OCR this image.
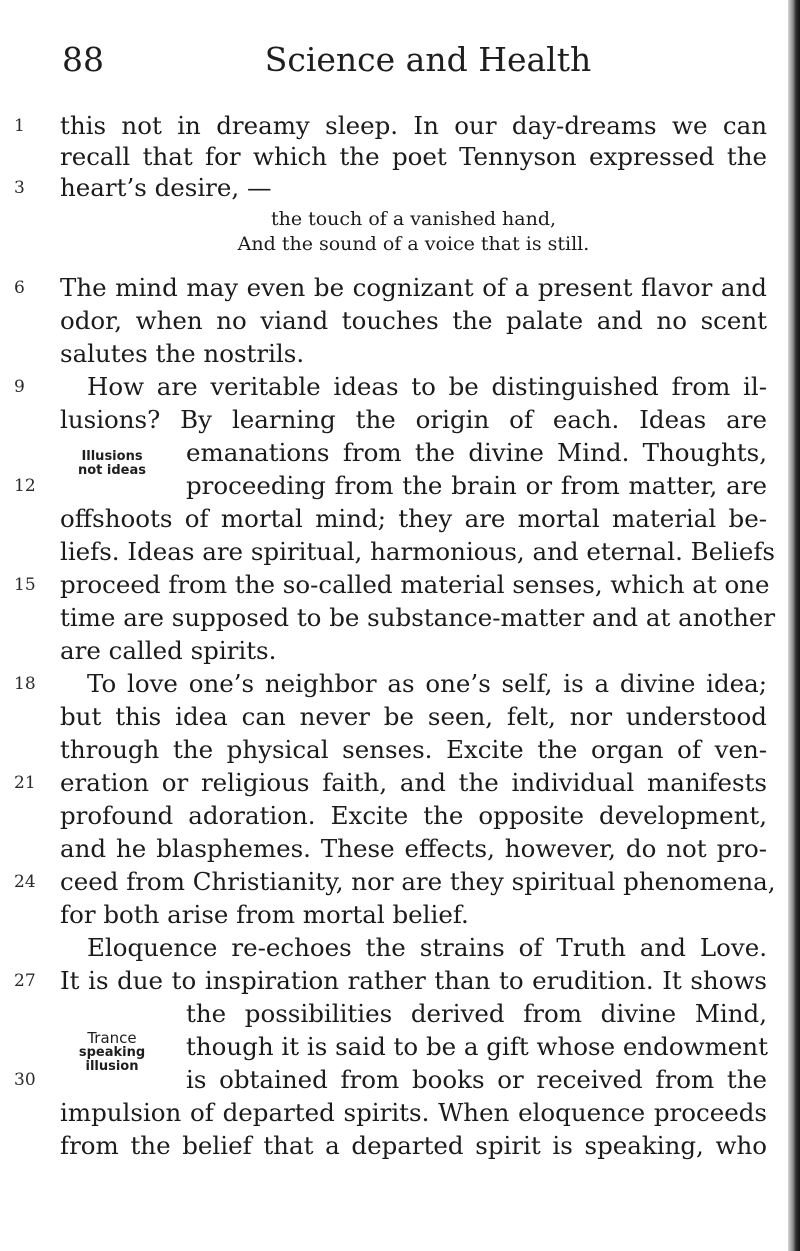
88	Science and Health
1
3
6
9
12
15
18
21
24
27
30
this not in dreamy sleep. In our day-dreams we can
recall that for which the poet Tennyson expressed the
heart’s desire, —
the touch of a vanished hand,
And the sound of a voice that is still.
The mind may even be cognizant of a present flavor and
odor, when no viand touches the palate and no scent
salutes the nostrils.
How are veritable ideas to be distinguished from il-
lusions? By learning the origin of each. Ideas are
emanations from the divine Mind. Thoughts,
proceeding from the brain or from matter, are
offshoots of mortal mind; they are mortal material be-
liefs. Ideas are spiritual, harmonious, and eternal. Beliefs
proceed from the so-called material senses, which at one
time are supposed to be substance-matter and at another
are called spirits.
To love one’s neighbor as one’s self, is a divine idea;
but this idea can never be seen, felt, nor understood
through the physical senses. Excite the organ of ven-
eration or religious faith, and the individual manifests
profound adoration. Excite the opposite development,
and he blasphemes. These effects, however, do not pro-
ceed from Christianity, nor are they spiritual phenomena,
for both arise from mortal belief.
Eloquence re-echoes the strains of Truth and Love.
It is due to inspiration rather than to erudition. It shows
the possibilities derived from divine Mind,
though it is said to be a gift whose endowment
is obtained from books or received from the
impulsion of departed spirits. When eloquence proceeds
from the belief that a departed spirit is speaking, who
Illusions
not ideas
Trance
speaking
illusion
